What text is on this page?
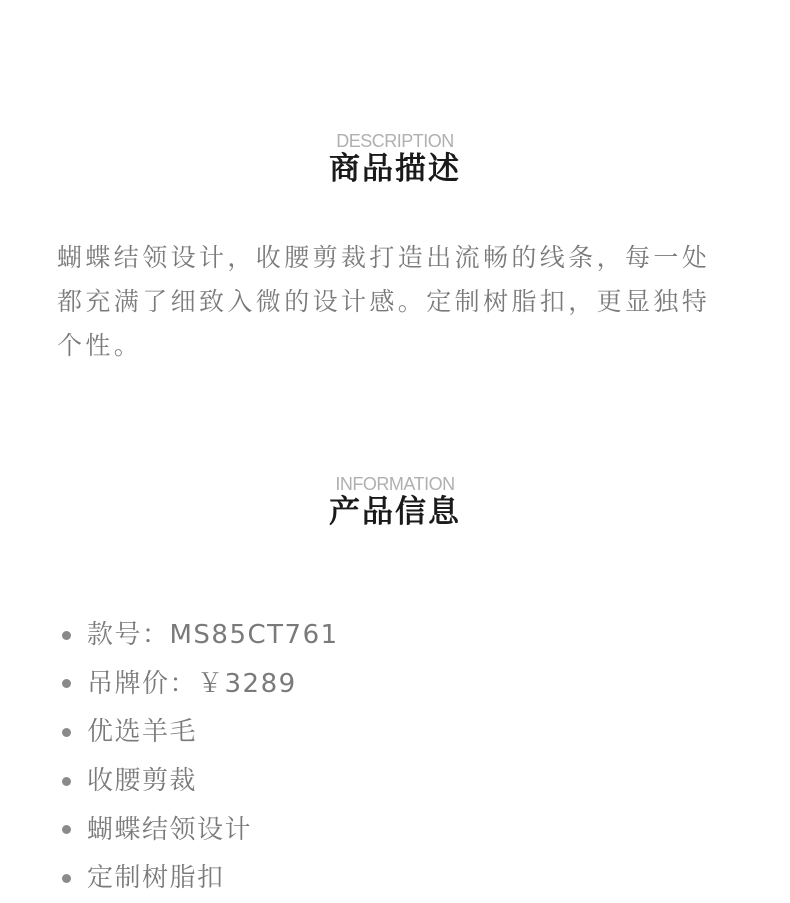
DESCRIPTION
商品描述

蝴蝶结领设计，收腰剪裁打造出流畅的线条，每一处都充满了细致入微的设计感。定制树脂扣，更显独特个性。

INFORMATION
产品信息
款号：MS85CT761
吊牌价：￥3289
优选羊毛
收腰剪裁
蝴蝶结领设计
定制树脂扣
